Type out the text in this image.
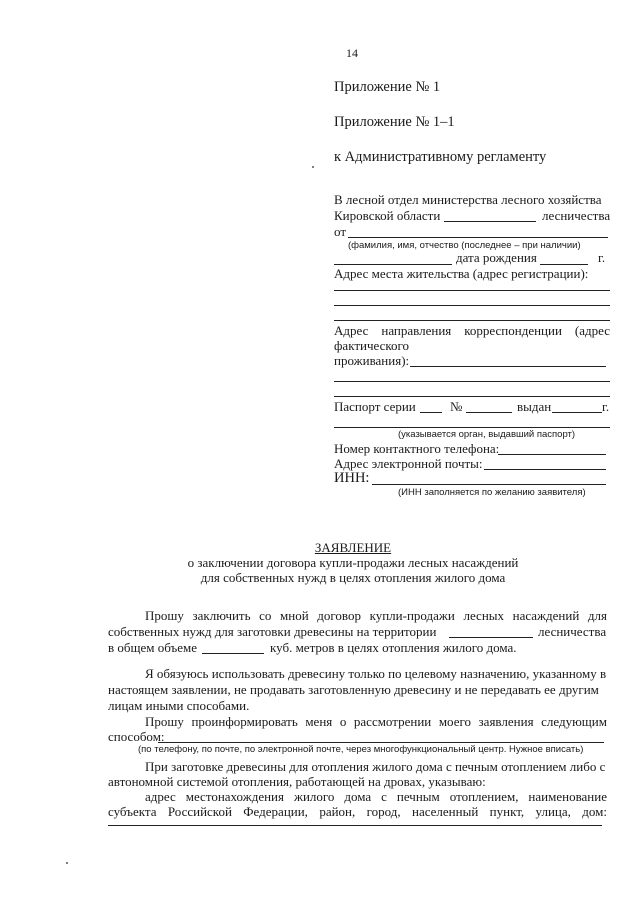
14
Приложение № 1
Приложение № 1–1
к Административному регламенту
В лесной отдел министерства лесного хозяйства
Кировской области	лесничества
от
(фамилия, имя, отчество (последнее – при наличии)
дата рождения	г.
Адрес места жительства (адрес регистрации):
Адрес направления корреспонденции (адрес
фактического
проживания):
Паспорт серии	№	выдан	г.
(указывается орган, выдавший паспорт)
Номер контактного телефона:
Адрес электронной почты:
ИНН:
(ИНН заполняется по желанию заявителя)
ЗАЯВЛЕНИЕ
о заключении договора купли-продажи лесных насаждений
для собственных нужд в целях отопления жилого дома
Прошу заключить со мной договор купли-продажи лесных насаждений для
собственных нужд для заготовки древесины на территории	лесничества
в общем объеме	куб. метров в целях отопления жилого дома.
Я обязуюсь использовать древесину только по целевому назначению, указанному в
настоящем заявлении, не продавать заготовленную древесину и не передавать ее другим
лицам иными способами.
Прошу проинформировать меня о рассмотрении моего заявления следующим
способом:
(по телефону, по почте, по электронной почте, через многофункциональный центр. Нужное вписать)
При заготовке древесины для отопления жилого дома с печным отоплением либо с
автономной системой отопления, работающей на дровах, указываю:
адрес местонахождения жилого дома с печным отоплением, наименование
субъекта Российской Федерации, район, город, населенный пункт, улица, дом:
